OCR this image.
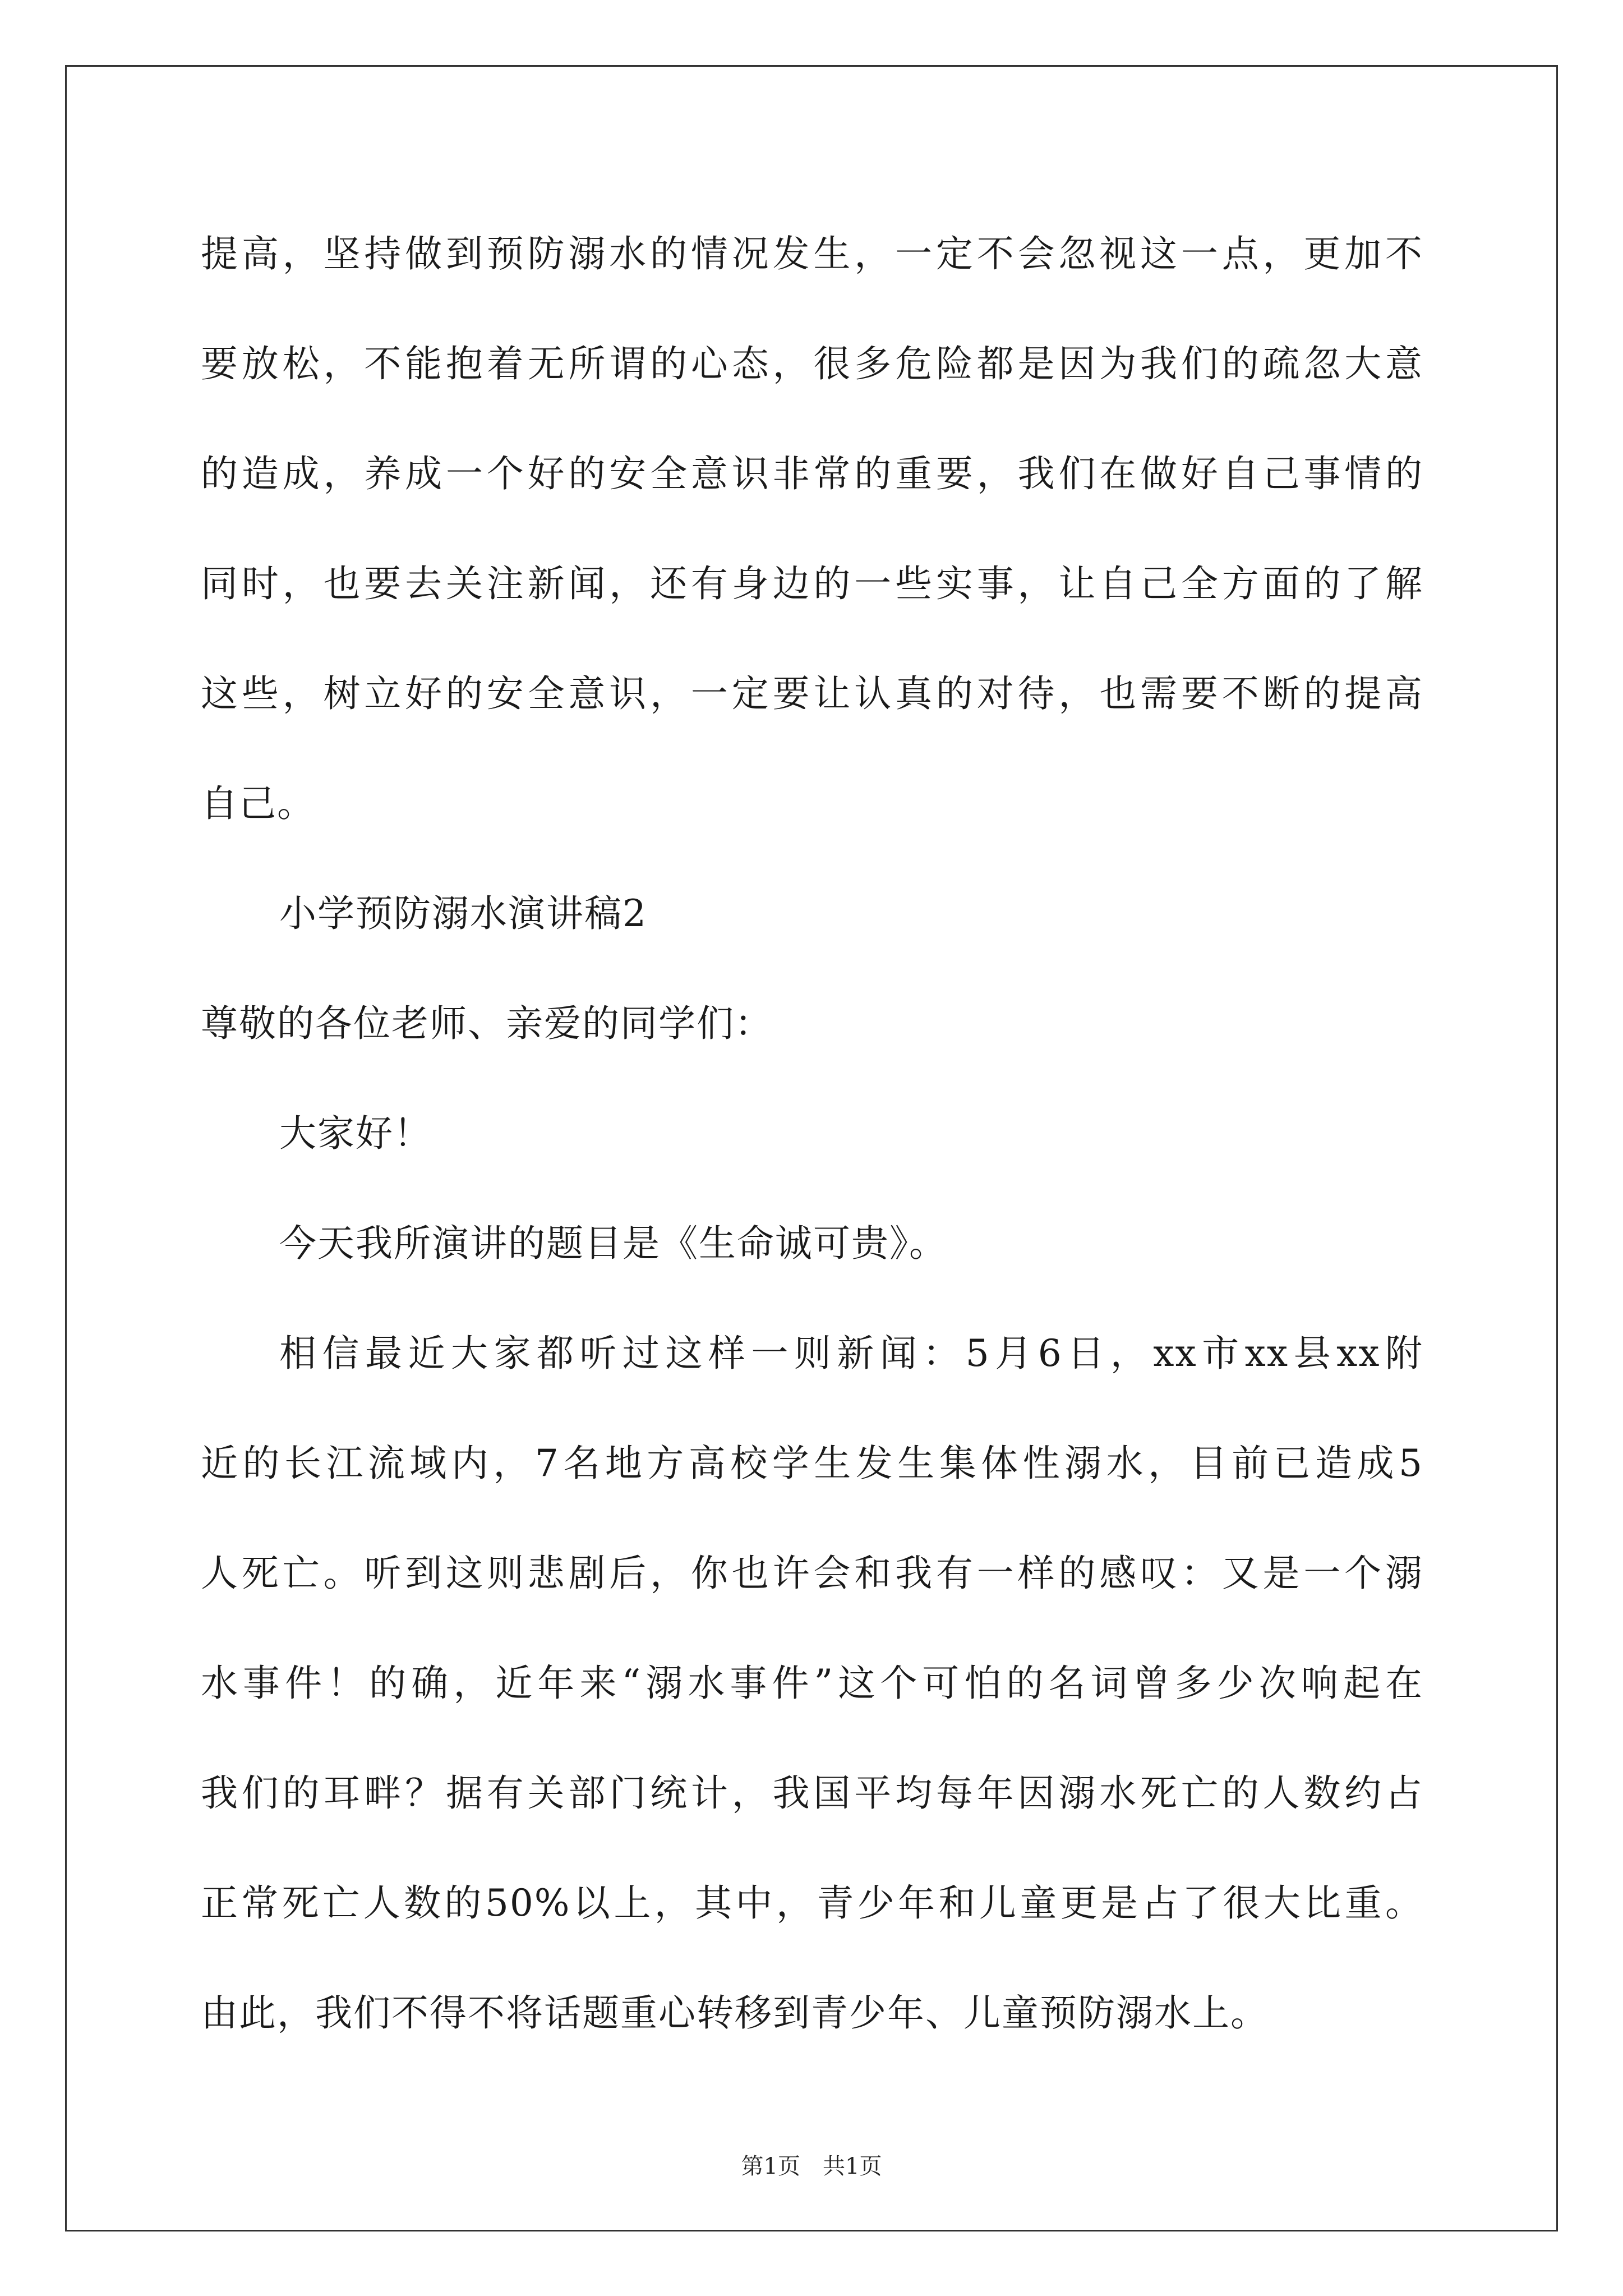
提高，坚持做到预防溺水的情况发生，一定不会忽视这一点，更加不
要放松，不能抱着无所谓的心态，很多危险都是因为我们的疏忽大意
的造成，养成一个好的安全意识非常的重要，我们在做好自己事情的
同时，也要去关注新闻，还有身边的一些实事，让自己全方面的了解
这些，树立好的安全意识，一定要让认真的对待，也需要不断的提高
自己。
小学预防溺水演讲稿2
尊敬的各位老师、亲爱的同学们：
大家好！
今天我所演讲的题目是《生命诚可贵》。
相信最近大家都听过这样一则新闻：5月6日，xx市xx县xx附
近的长江流域内，7名地方高校学生发生集体性溺水，目前已造成5
人死亡。听到这则悲剧后，你也许会和我有一样的感叹：又是一个溺
水事件！的确，近年来“溺水事件”这个可怕的名词曾多少次响起在
我们的耳畔？据有关部门统计，我国平均每年因溺水死亡的人数约占
正常死亡人数的50%以上，其中，青少年和儿童更是占了很大比重。
由此，我们不得不将话题重心转移到青少年、儿童预防溺水上。
第1页　共1页
